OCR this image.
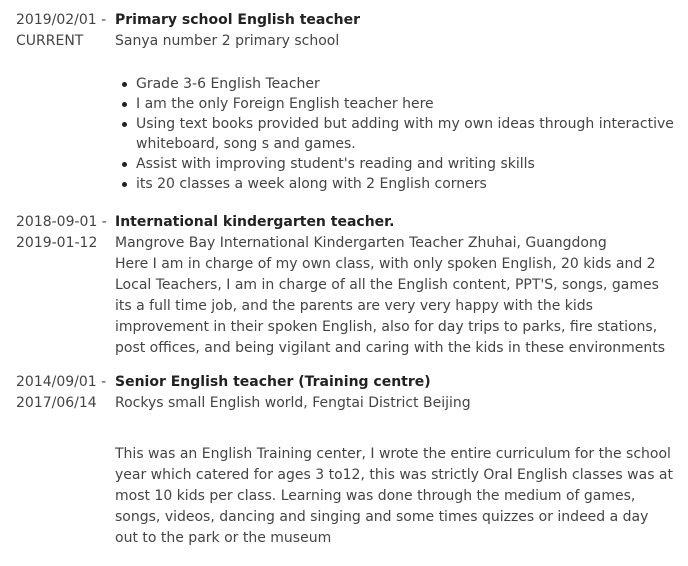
2019/02/01 -
CURRENT

Primary school English teacher

Sanya number 2 primary school

Grade 3-6 English Teacher
I am the only Foreign English teacher here
Using text books provided but adding with my own ideas through interactive whiteboard, song s and games.
Assist with improving student's reading and writing skills
its 20 classes a week along with 2 English corners
2018-09-01 -
2019-01-12

International kindergarten teacher.

Mangrove Bay International Kindergarten Teacher Zhuhai, Guangdong

Here I am in charge of my own class, with only spoken English, 20 kids and 2 Local Teachers, I am in charge of all the English content, PPT'S, songs, games its a full time job, and the parents are very very happy with the kids improvement in their spoken English, also for day trips to parks, fire stations, post offices, and being vigilant and caring with the kids in these environments

2014/09/01 -
2017/06/14

Senior English teacher (Training centre)

Rockys small English world, Fengtai District Beijing

This was an English Training center, I wrote the entire curriculum for the school year which catered for ages 3 to12, this was strictly Oral English classes was at most 10 kids per class. Learning was done through the medium of games, songs, videos, dancing and singing and some times quizzes or indeed a day out to the park or the museum
